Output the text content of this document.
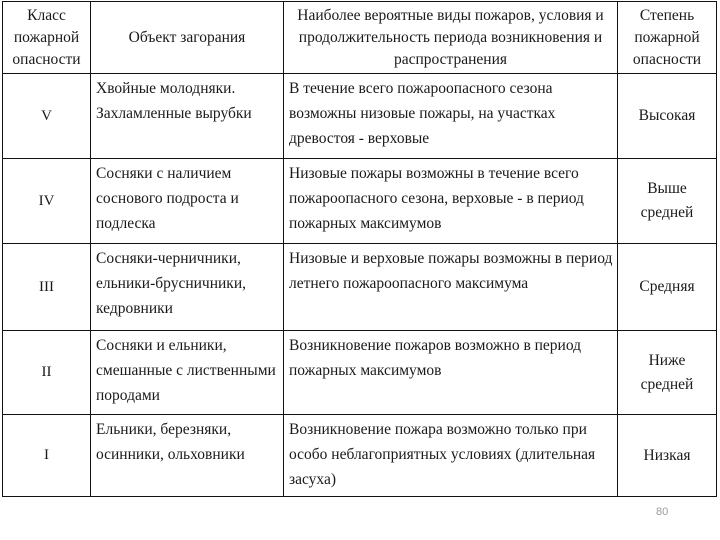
Класс пожарной опасности	Объект загорания	Наиболее вероятные виды пожаров, условия и продолжительность периода возникновения и распространения	Степень пожарной опасности
V	Хвойные молодняки. Захламленные вырубки	В течение всего пожароопасного сезона возможны низовые пожары, на участках древостоя - верховые	Высокая
IV	Сосняки с наличием соснового подроста и подлеска	Низовые пожары возможны в течение всего пожароопасного сезона, верховые - в период пожарных максимумов	Выше средней
III	Сосняки-черничники, ельники-брусничники, кедровники	Низовые и верховые пожары возможны в период летнего пожароопасного максимума	Средняя
II	Сосняки и ельники, смешанные с лиственными породами	Возникновение пожаров возможно в период пожарных максимумов	Ниже средней
I	Ельники, березняки, осинники, ольховники	Возникновение пожара возможно только при особо неблагоприятных условиях (длительная засуха)	Низкая
80
